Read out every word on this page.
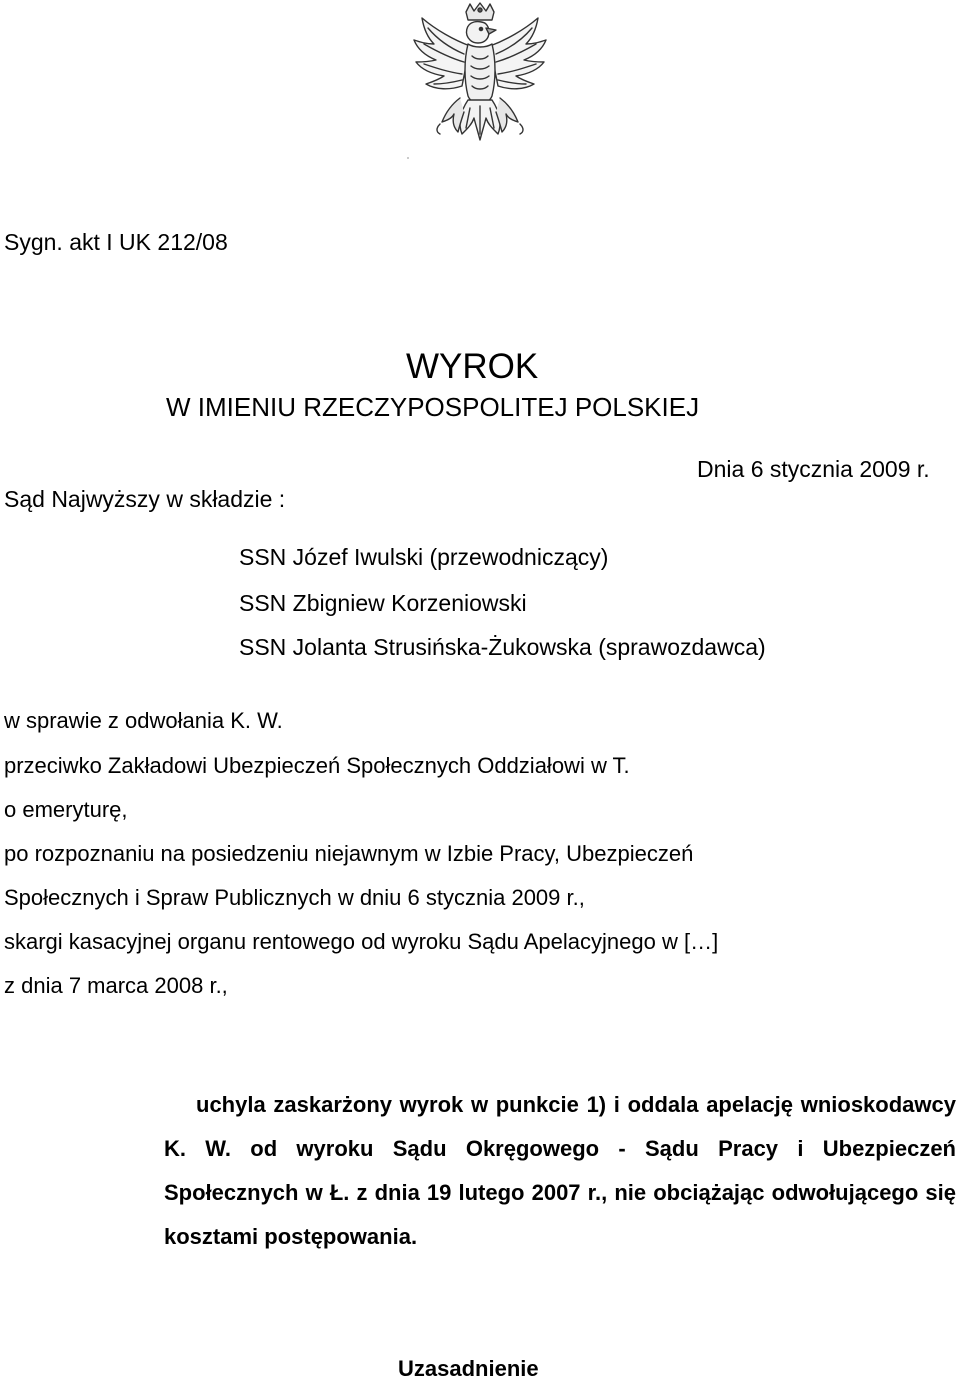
Sygn. akt I UK 212/08
WYROK
W IMIENIU RZECZYPOSPOLITEJ POLSKIEJ
Dnia 6 stycznia 2009 r.
Sąd Najwyższy w składzie :
SSN Józef Iwulski (przewodniczący)
SSN Zbigniew Korzeniowski
SSN Jolanta Strusińska-Żukowska (sprawozdawca)
w sprawie z odwołania K. W.
przeciwko Zakładowi Ubezpieczeń Społecznych Oddziałowi w T.
o emeryturę,
po rozpoznaniu na posiedzeniu niejawnym w Izbie Pracy, Ubezpieczeń
Społecznych i Spraw Publicznych w dniu 6 stycznia 2009 r.,
skargi kasacyjnej organu rentowego od wyroku Sądu Apelacyjnego w […]
z dnia 7 marca 2008 r.,
uchyla zaskarżony wyrok w punkcie 1) i oddala apelację wnioskodawcy K. W. od wyroku Sądu Okręgowego - Sądu Pracy i Ubezpieczeń Społecznych w Ł. z dnia 19 lutego 2007 r., nie obciążając odwołującego się kosztami postępowania.
Uzasadnienie
